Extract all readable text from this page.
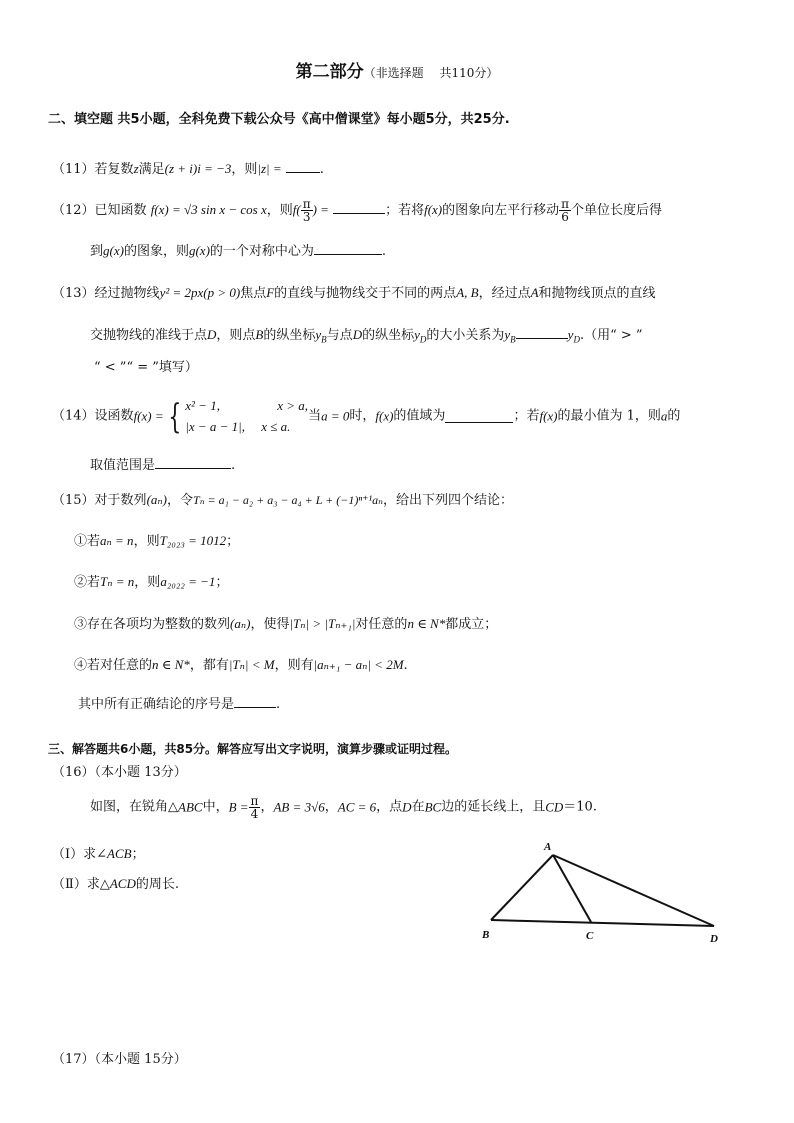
第二部分（非选择题　 共110分）
二、填空题 共5小题，全科免费下载公众号《高中僧课堂》每小题5分，共25分.
（11）若复数z满足(z + i)i = −3，则|z| =	.
（12）已知函数 f(x) = √3 sin x − cos x，则$f( \frac{\pi}{3}$ ) =	；若将f(x)的图象向左平行移动 $\frac{\pi}{6}$ 个单位长度后得
到g(x)的图象，则g(x)的一个对称中心为	.
（13）经过抛物线y² = 2px(p > 0)焦点F的直线与抛物线交于不同的两点A, B，经过点A和抛物线顶点的直线
交抛物线的准线于点D，则点B的纵坐标$y_B$与点D的纵坐标$y_D$的大小关系为$y_B$	$y_D$.（用“ > ”
“ < ”“ = ”填写）
（14）设函数f(x) = { x² − 1,	x > a,
|x − a − 1|, x ≤ a.
当a = 0时，f(x)的值域为	；若f(x)的最小值为 1，则a的
取值范围是	.
（15）对于数列(aₙ)，令Tₙ = a₁ − a₂ + a₃ − a₄ + L + (−1)ⁿ⁺¹aₙ，给出下列四个结论：
①若aₙ = n，则T₂₀₂₃ = 1012；
②若Tₙ = n，则a₂₀₂₂ = −1；
③存在各项均为整数的数列(aₙ)，使得|Tₙ| > |Tₙ₊₁|对任意的n ∈ N*都成立；
④若对任意的n ∈ N*，都有|Tₙ| < M，则有|aₙ₊₁ − aₙ| < 2M.
其中所有正确结论的序号是	.
三、解答题共6小题，共85分。解答应写出文字说明，演算步骤或证明过程。
（16）（本小题 13分）
如图，在锐角△ABC中，$B = \frac{\pi}{4}$ ，AB = 3√6，AC = 6，点D在BC边的延长线上，且CD＝10.
（Ⅰ）求∠ACB；
（Ⅱ）求△ACD的周长.
A
B	C	D
（17）（本小题 15分）
